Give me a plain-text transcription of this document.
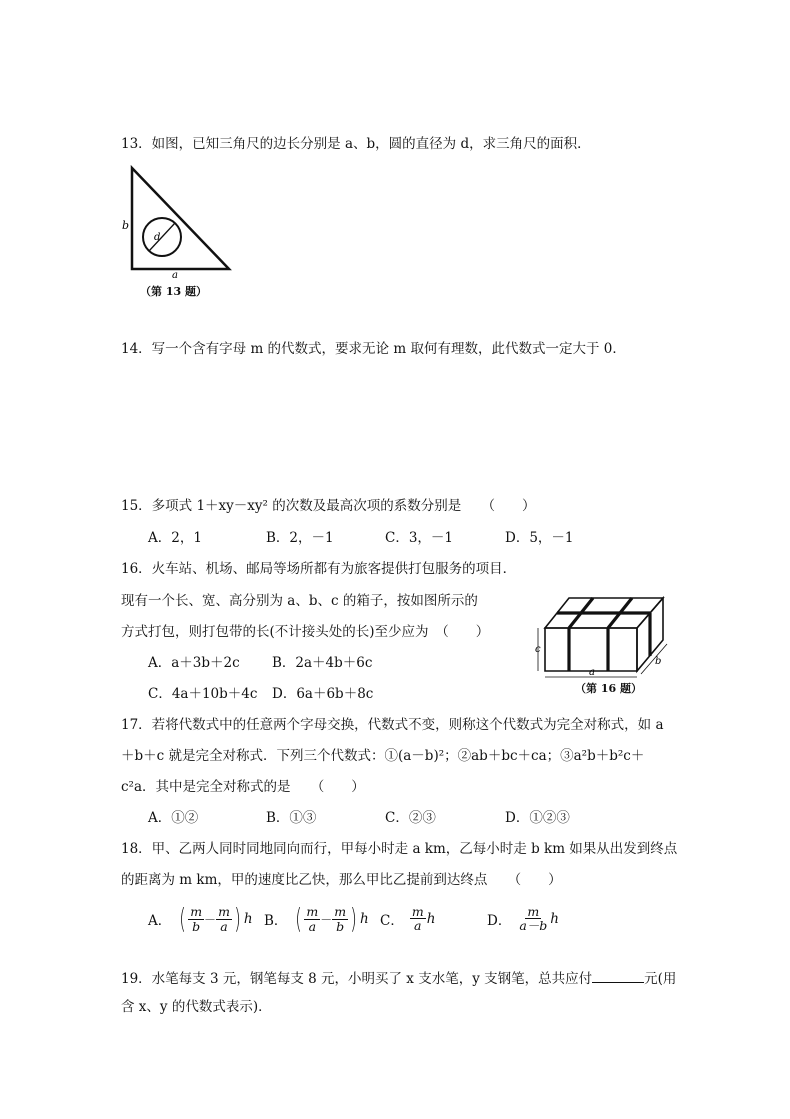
13．如图，已知三角尺的边长分别是 a、b，圆的直径为 d，求三角尺的面积．
b
d
a
（第 13 题）
14．写一个含有字母 m 的代数式，要求无论 m 取何有理数，此代数式一定大于 0．
15．多项式 1＋xy－xy² 的次数及最高次项的系数分别是　　（　　）
A．2，1	B．2，－1	C．3，－1	D．5，－1
16．火车站、机场、邮局等场所都有为旅客提供打包服务的项目．
现有一个长、宽、高分别为 a、b、c 的箱子，按如图所示的
方式打包，则打包带的长(不计接头处的长)至少应为　（　　）
A．a＋3b＋2c B．2a＋4b＋6c
C．4a＋10b＋4c D．6a＋6b＋8c
c
a
b
（第 16 题）
17．若将代数式中的任意两个字母交换，代数式不变，则称这个代数式为完全对称式，如 a
＋b＋c 就是完全对称式．下列三个代数式：①(a－b)²；②ab＋bc＋ca；③a²b＋b²c＋
c²a．其中是完全对称式的是　　（　　）
A．①②	B．①③	C．②③	D．①②③
18．甲、乙两人同时同地同向而行，甲每小时走 a km，乙每小时走 b km 如果从出发到终点
的距离为 m km，甲的速度比乙快，那么甲比乙提前到达终点　　（　　）
A． ( $\frac{m}{b} - \frac{m}{a}$ ) h B． ( $\frac{m}{a} - \frac{m}{b}$ ) h C． $\frac{m}{a}$ h	D． $\frac{m}{a-b}$ h
19．水笔每支 3 元，钢笔每支 8 元，小明买了 x 支水笔，y 支钢笔，总共应付	元(用
含 x、y 的代数式表示)．
